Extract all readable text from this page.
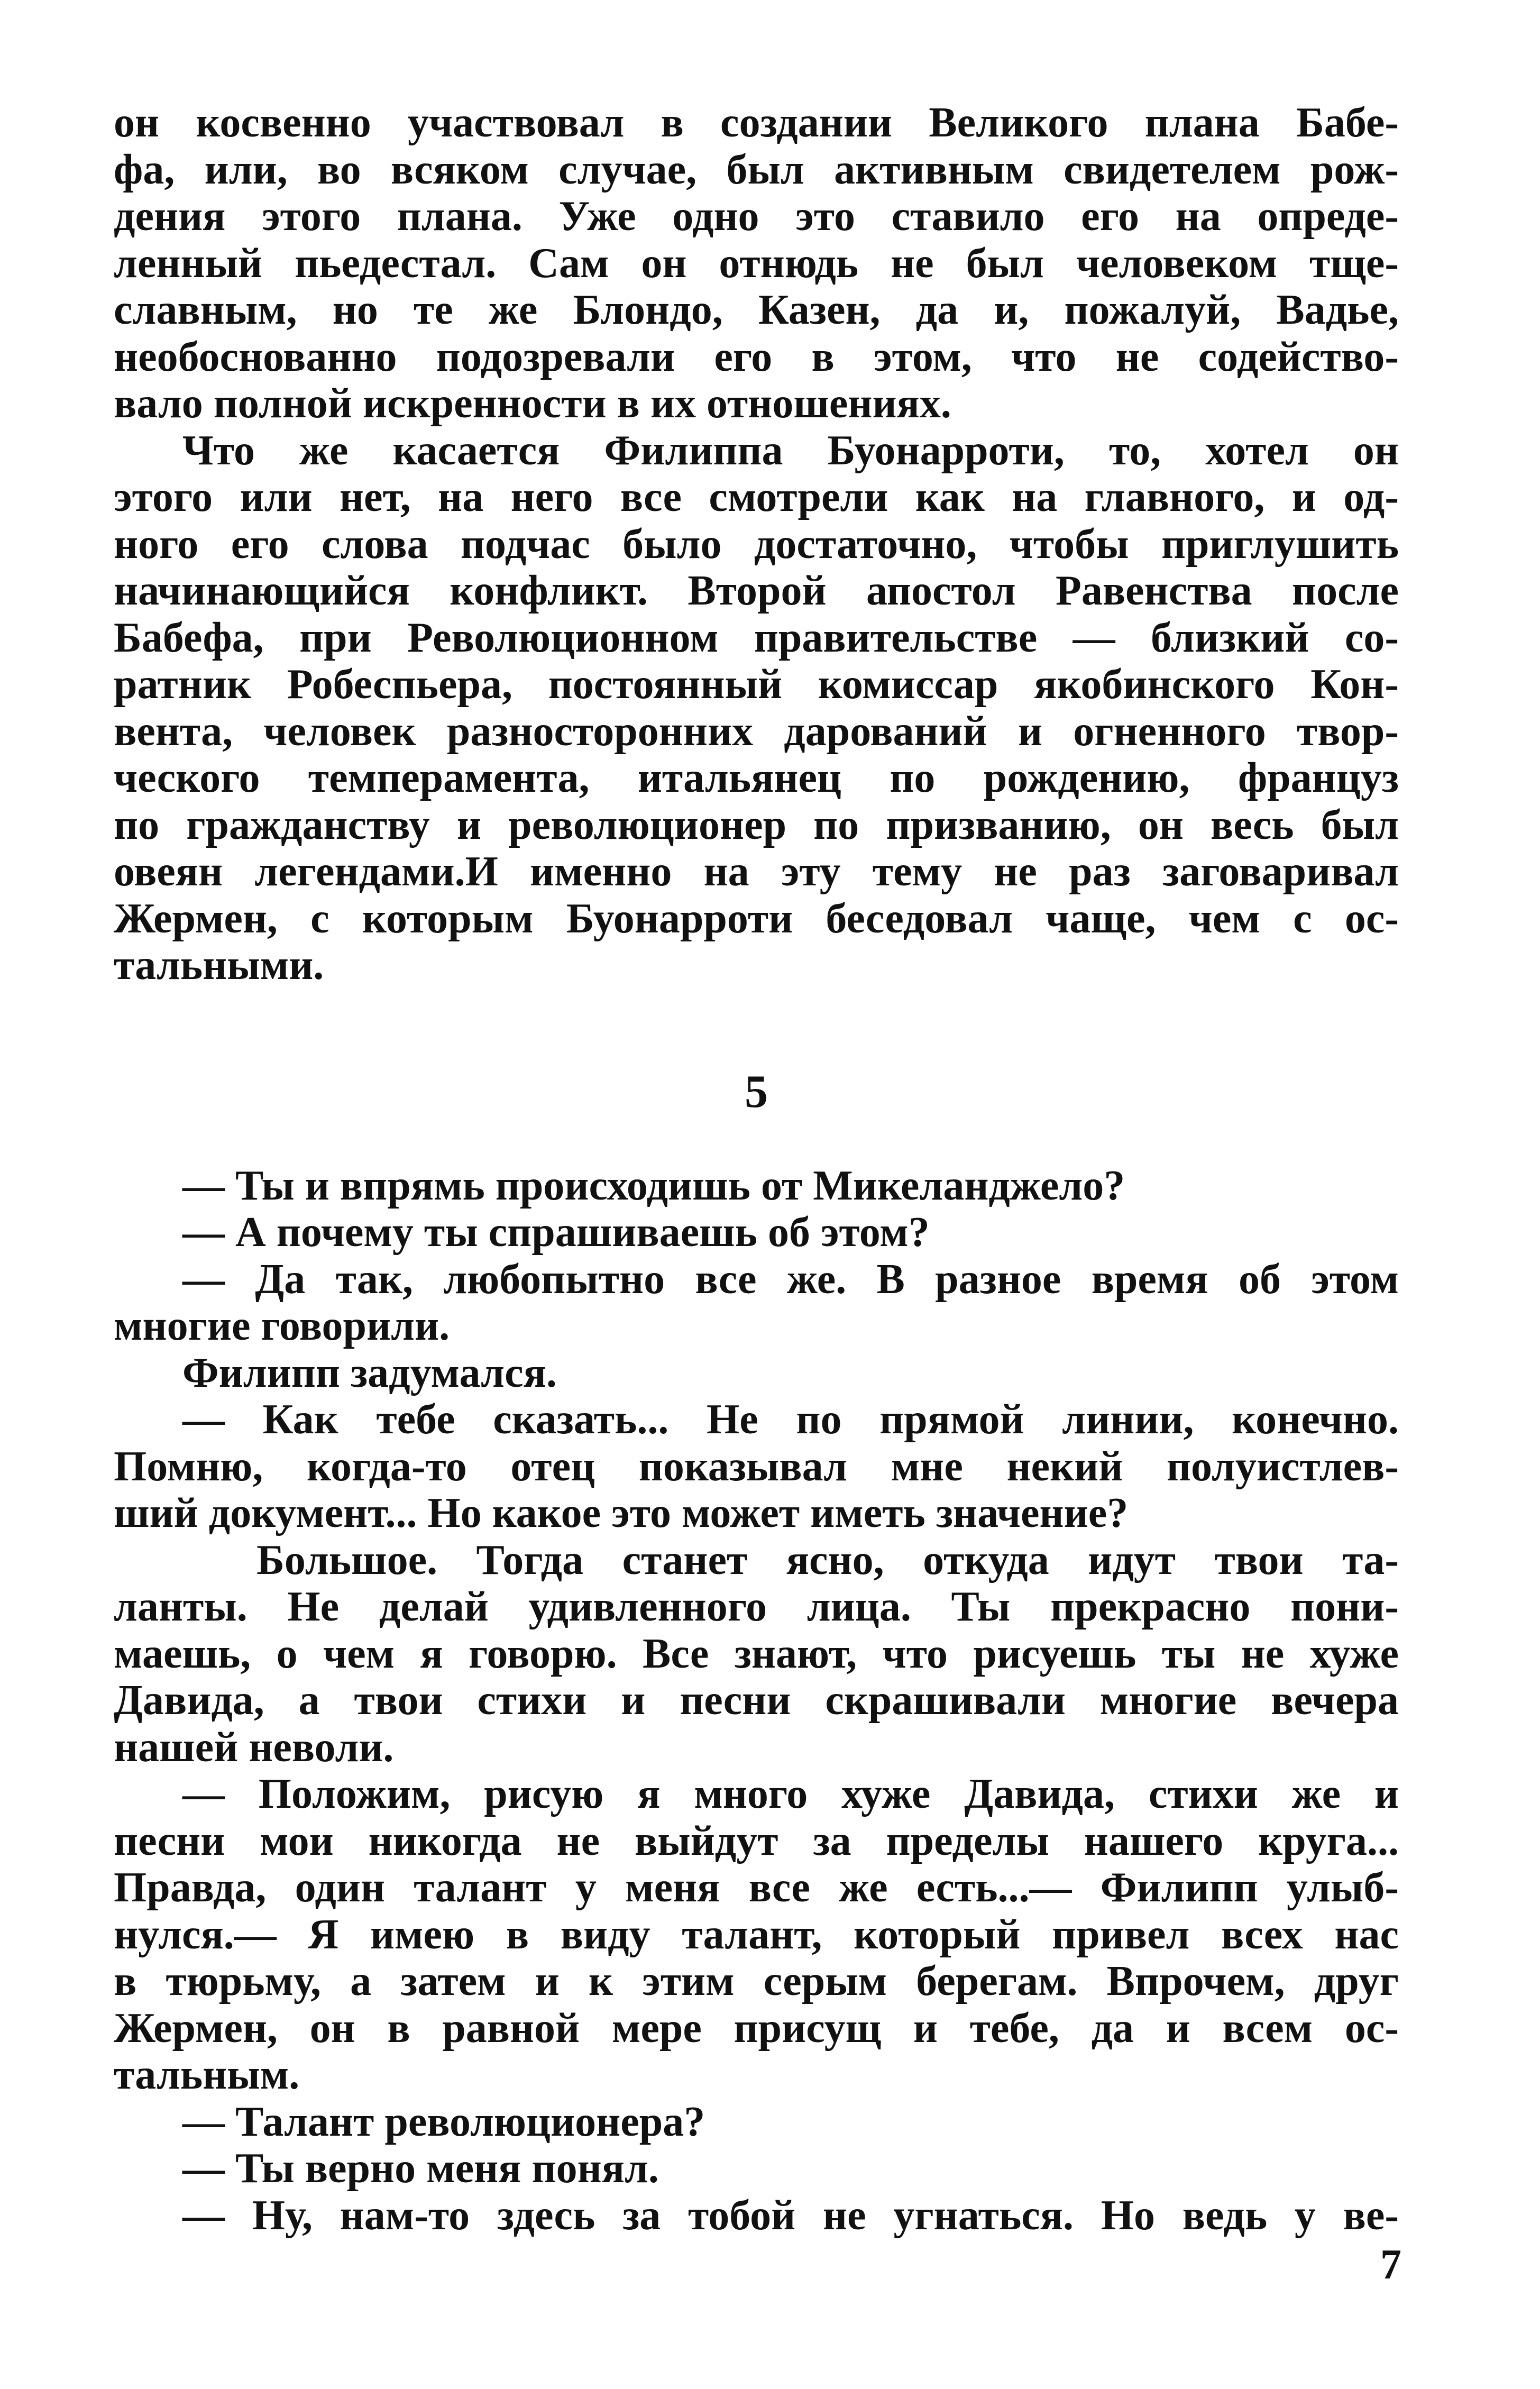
он косвенно участвовал в создании Великого плана Бабе-
фа, или, во всяком случае, был активным свидетелем рож-
дения этого плана. Уже одно это ставило его на опреде-
ленный пьедестал. Сам он отнюдь не был человеком тще-
славным, но те же Блондо, Казен, да и, пожалуй, Вадье,
необоснованно подозревали его в этом, что не содейство-
вало полной искренности в их отношениях.
Что же касается Филиппа Буонарроти, то, хотел он
этого или нет, на него все смотрели как на главного, и од-
ного его слова подчас было достаточно, чтобы приглушить
начинающийся конфликт. Второй апостол Равенства после
Бабефа, при Революционном правительстве — близкий со-
ратник Робеспьера, постоянный комиссар якобинского Кон-
вента, человек разносторонних дарований и огненного твор-
ческого темперамента, итальянец по рождению, француз
по гражданству и революционер по призванию, он весь был
овеян легендами.И именно на эту тему не раз заговаривал
Жермен, с которым Буонарроти беседовал чаще, чем с ос-
тальными.
5
— Ты и впрямь происходишь от Микеланджело?
— А почему ты спрашиваешь об этом?
— Да так, любопытно все же. В разное время об этом
многие говорили.
Филипп задумался.
— Как тебе сказать... Не по прямой линии, конечно.
Помню, когда-то отец показывал мне некий полуистлев-
ший документ... Но какое это может иметь значение?
Большое. Тогда станет ясно, откуда идут твои та-
ланты. Не делай удивленного лица. Ты прекрасно пони-
маешь, о чем я говорю. Все знают, что рисуешь ты не хуже
Давида, а твои стихи и песни скрашивали многие вечера
нашей неволи.
— Положим, рисую я много хуже Давида, стихи же и
песни мои никогда не выйдут за пределы нашего круга...
Правда, один талант у меня все же есть...— Филипп улыб-
нулся.— Я имею в виду талант, который привел всех нас
в тюрьму, а затем и к этим серым берегам. Впрочем, друг
Жермен, он в равной мере присущ и тебе, да и всем ос-
тальным.
— Талант революционера?
— Ты верно меня понял.
— Ну, нам-то здесь за тобой не угнаться. Но ведь у ве-
7
